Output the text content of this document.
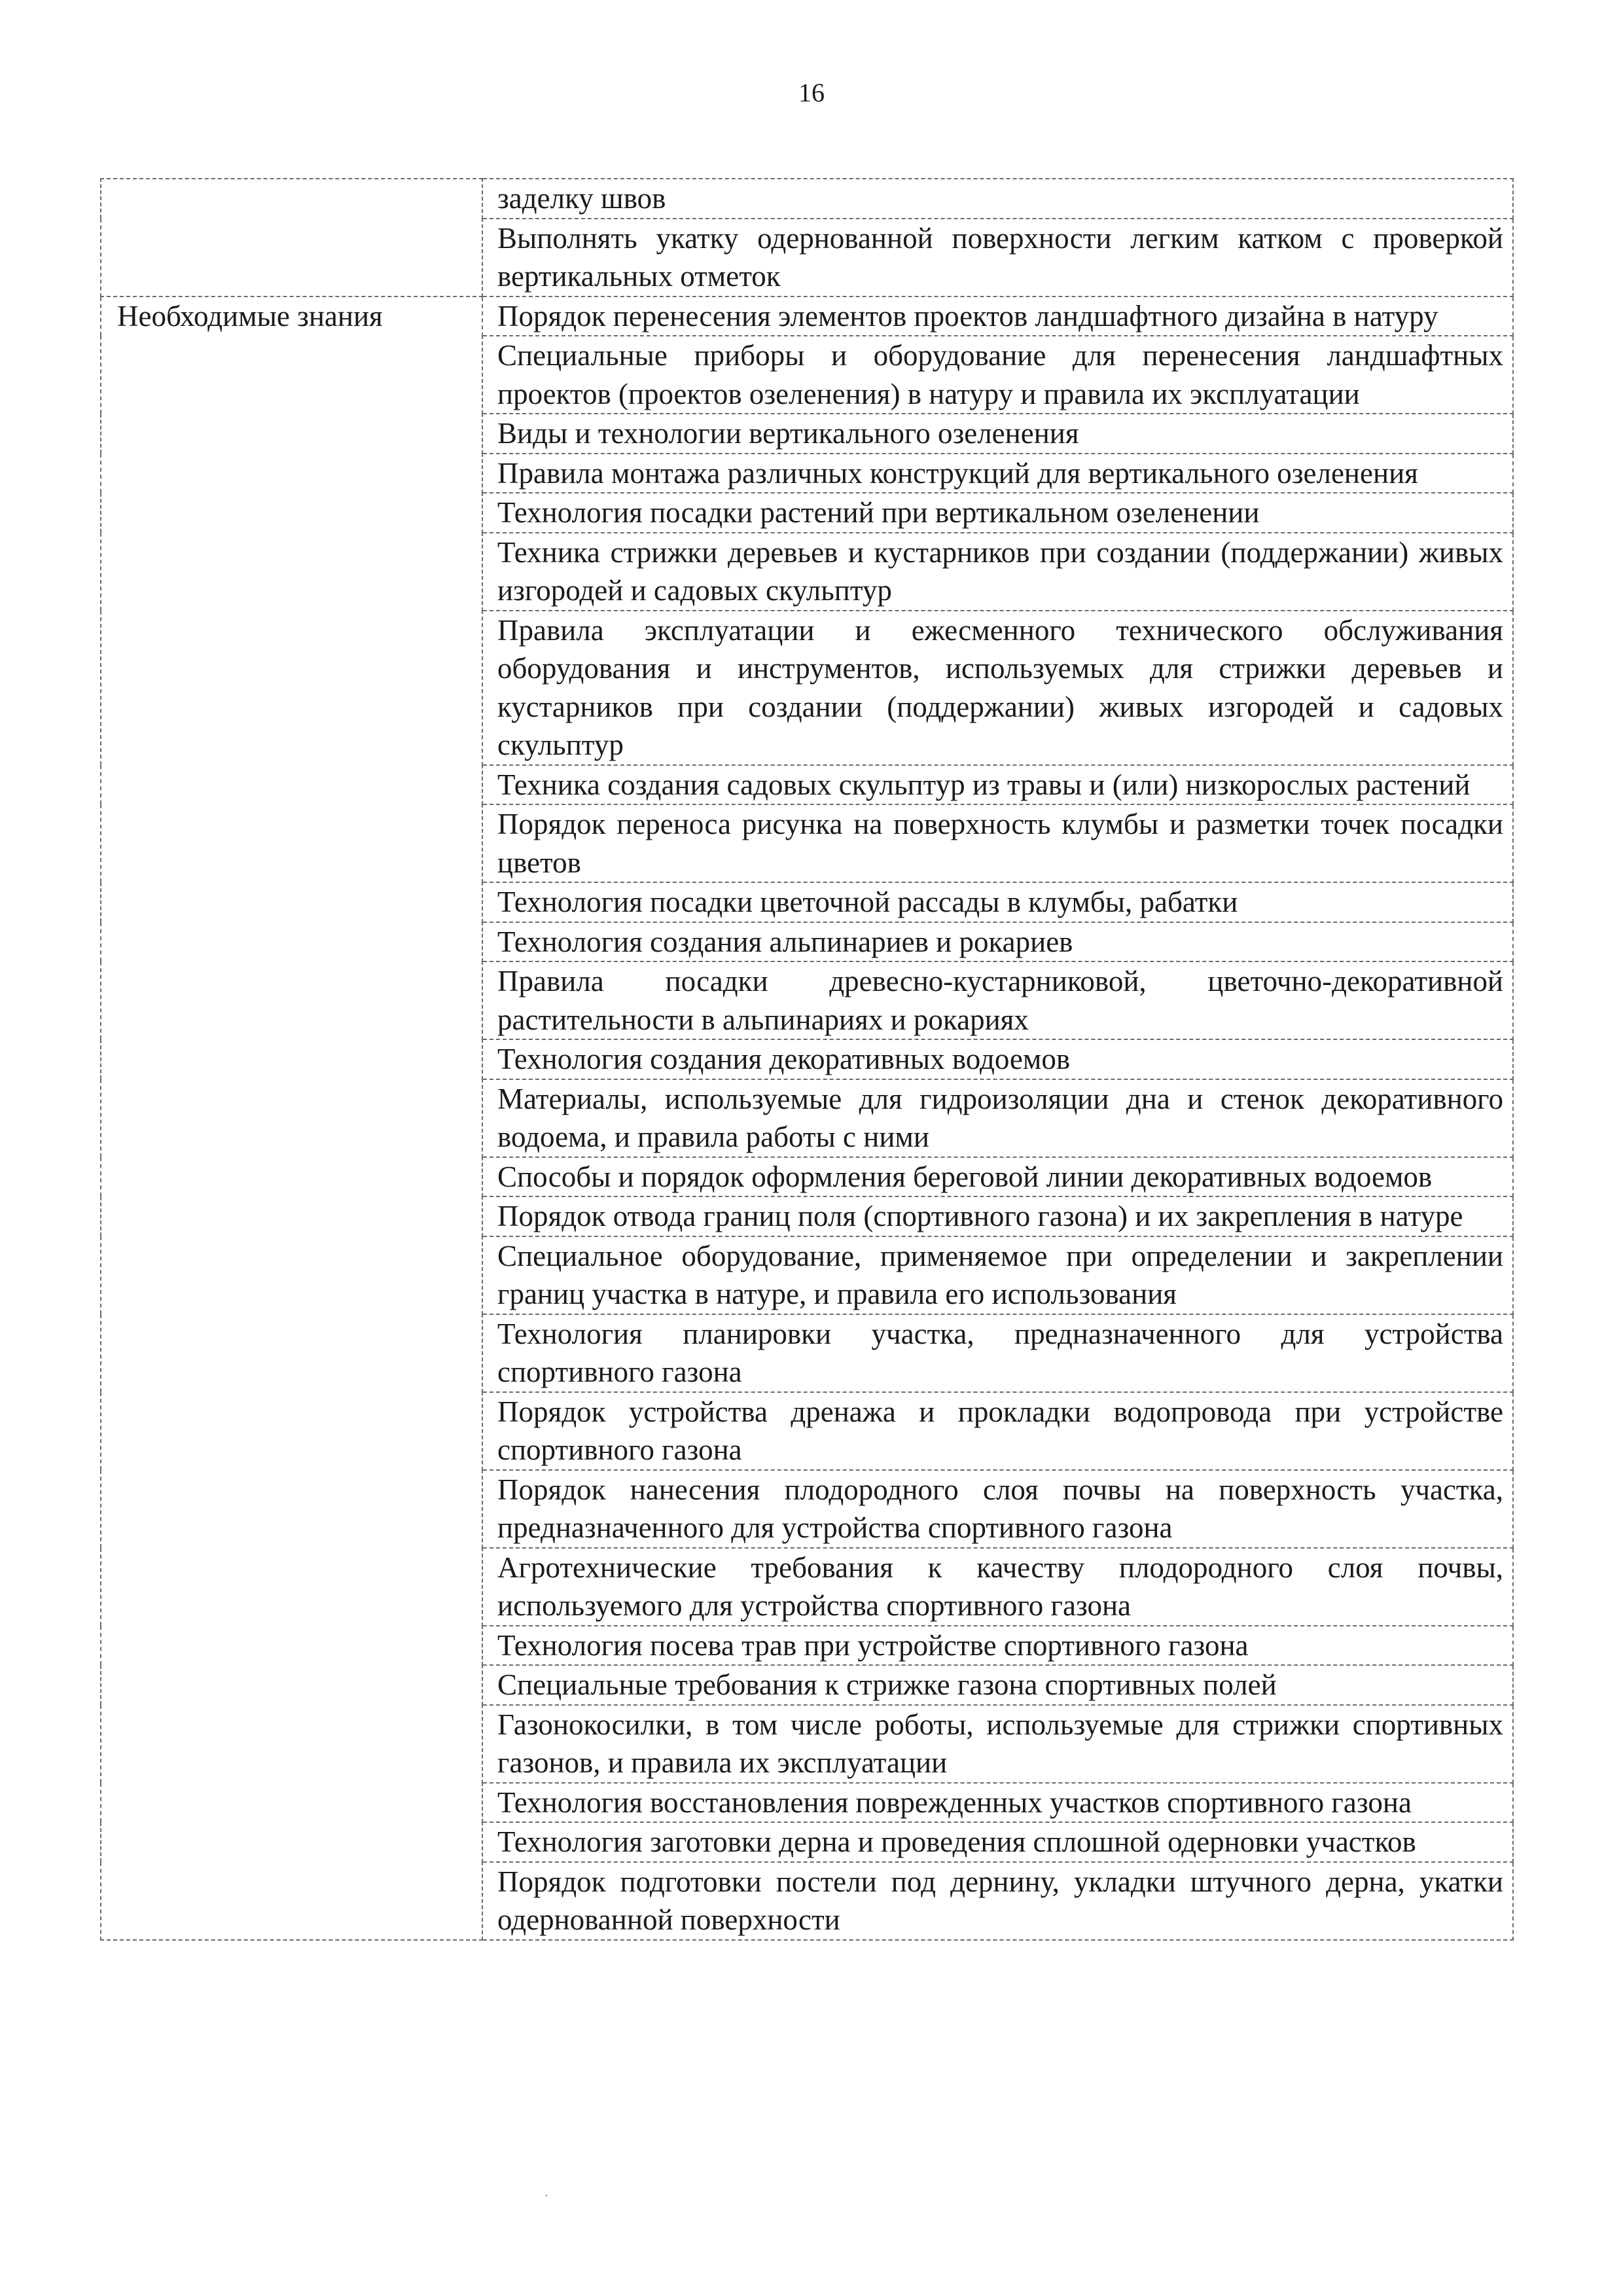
16
	заделку швов
	Выполнять укатку одернованной поверхности легким катком с проверкой вертикальных отметок
Необходимые знания	Порядок перенесения элементов проектов ландшафтного дизайна в натуру
	Специальные приборы и оборудование для перенесения ландшафтных проектов (проектов озеленения) в натуру и правила их эксплуатации
	Виды и технологии вертикального озеленения
	Правила монтажа различных конструкций для вертикального озеленения
	Технология посадки растений при вертикальном озеленении
	Техника стрижки деревьев и кустарников при создании (поддержании) живых изгородей и садовых скульптур
	Правила эксплуатации и ежесменного технического обслуживания оборудования и инструментов, используемых для стрижки деревьев и кустарников при создании (поддержании) живых изгородей и садовых скульптур
	Техника создания садовых скульптур из травы и (или) низкорослых растений
	Порядок переноса рисунка на поверхность клумбы и разметки точек посадки цветов
	Технология посадки цветочной рассады в клумбы, рабатки
	Технология создания альпинариев и рокариев
	Правила посадки древесно-кустарниковой, цветочно-декоративной растительности в альпинариях и рокариях
	Технология создания декоративных водоемов
	Материалы, используемые для гидроизоляции дна и стенок декоративного водоема, и правила работы с ними
	Способы и порядок оформления береговой линии декоративных водоемов
	Порядок отвода границ поля (спортивного газона) и их закрепления в натуре
	Специальное оборудование, применяемое при определении и закреплении границ участка в натуре, и правила его использования
	Технология планировки участка, предназначенного для устройства спортивного газона
	Порядок устройства дренажа и прокладки водопровода при устройстве спортивного газона
	Порядок нанесения плодородного слоя почвы на поверхность участка, предназначенного для устройства спортивного газона
	Агротехнические требования к качеству плодородного слоя почвы, используемого для устройства спортивного газона
	Технология посева трав при устройстве спортивного газона
	Специальные требования к стрижке газона спортивных полей
	Газонокосилки, в том числе роботы, используемые для стрижки спортивных газонов, и правила их эксплуатации
	Технология восстановления поврежденных участков спортивного газона
	Технология заготовки дерна и проведения сплошной одерновки участков
	Порядок подготовки постели под дернину, укладки штучного дерна, укатки одернованной поверхности
